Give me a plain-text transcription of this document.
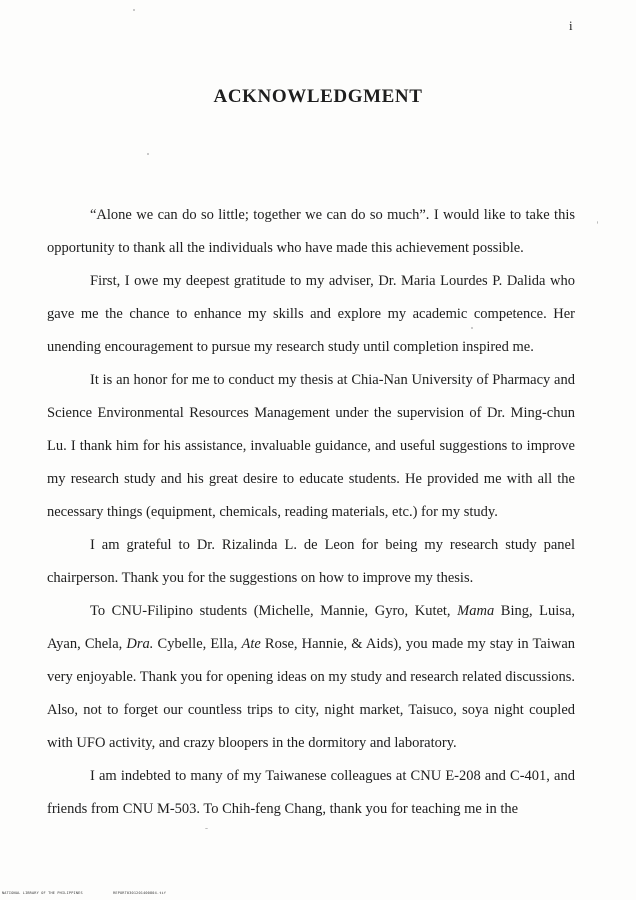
i
ACKNOWLEDGMENT

“Alone we can do so little; together we can do so much”. I would like to take this opportunity to thank all the individuals who have made this achievement possible.

First, I owe my deepest gratitude to my adviser, Dr. Maria Lourdes P. Dalida who gave me the chance to enhance my skills and explore my academic competence. Her unending encouragement to pursue my research study until completion inspired me.

It is an honor for me to conduct my thesis at Chia-Nan University of Pharmacy and Science Environmental Resources Management under the supervision of Dr. Ming-chun Lu. I thank him for his assistance, invaluable guidance, and useful suggestions to improve my research study and his great desire to educate students. He provided me with all the necessary things (equipment, chemicals, reading materials, etc.) for my study.

I am grateful to Dr. Rizalinda L. de Leon for being my research study panel chairperson. Thank you for the suggestions on how to improve my thesis.

To CNU-Filipino students (Michelle, Mannie, Gyro, Kutet, Mama Bing, Luisa, Ayan, Chela, Dra. Cybelle, Ella, Ate Rose, Hannie, & Aids), you made my stay in Taiwan very enjoyable. Thank you for opening ideas on my study and research related discussions. Also, not to forget our countless trips to city, night market, Taisuco, soya night coupled with UFO activity, and crazy bloopers in the dormitory and laboratory.

I am indebted to many of my Taiwanese colleagues at CNU E-208 and C-401, and friends from CNU M-503. To Chih-feng Chang, thank you for teaching me in the

NATIONAL LIBRARY OF THE PHILIPPINES	REPORT0301201400804.tif
